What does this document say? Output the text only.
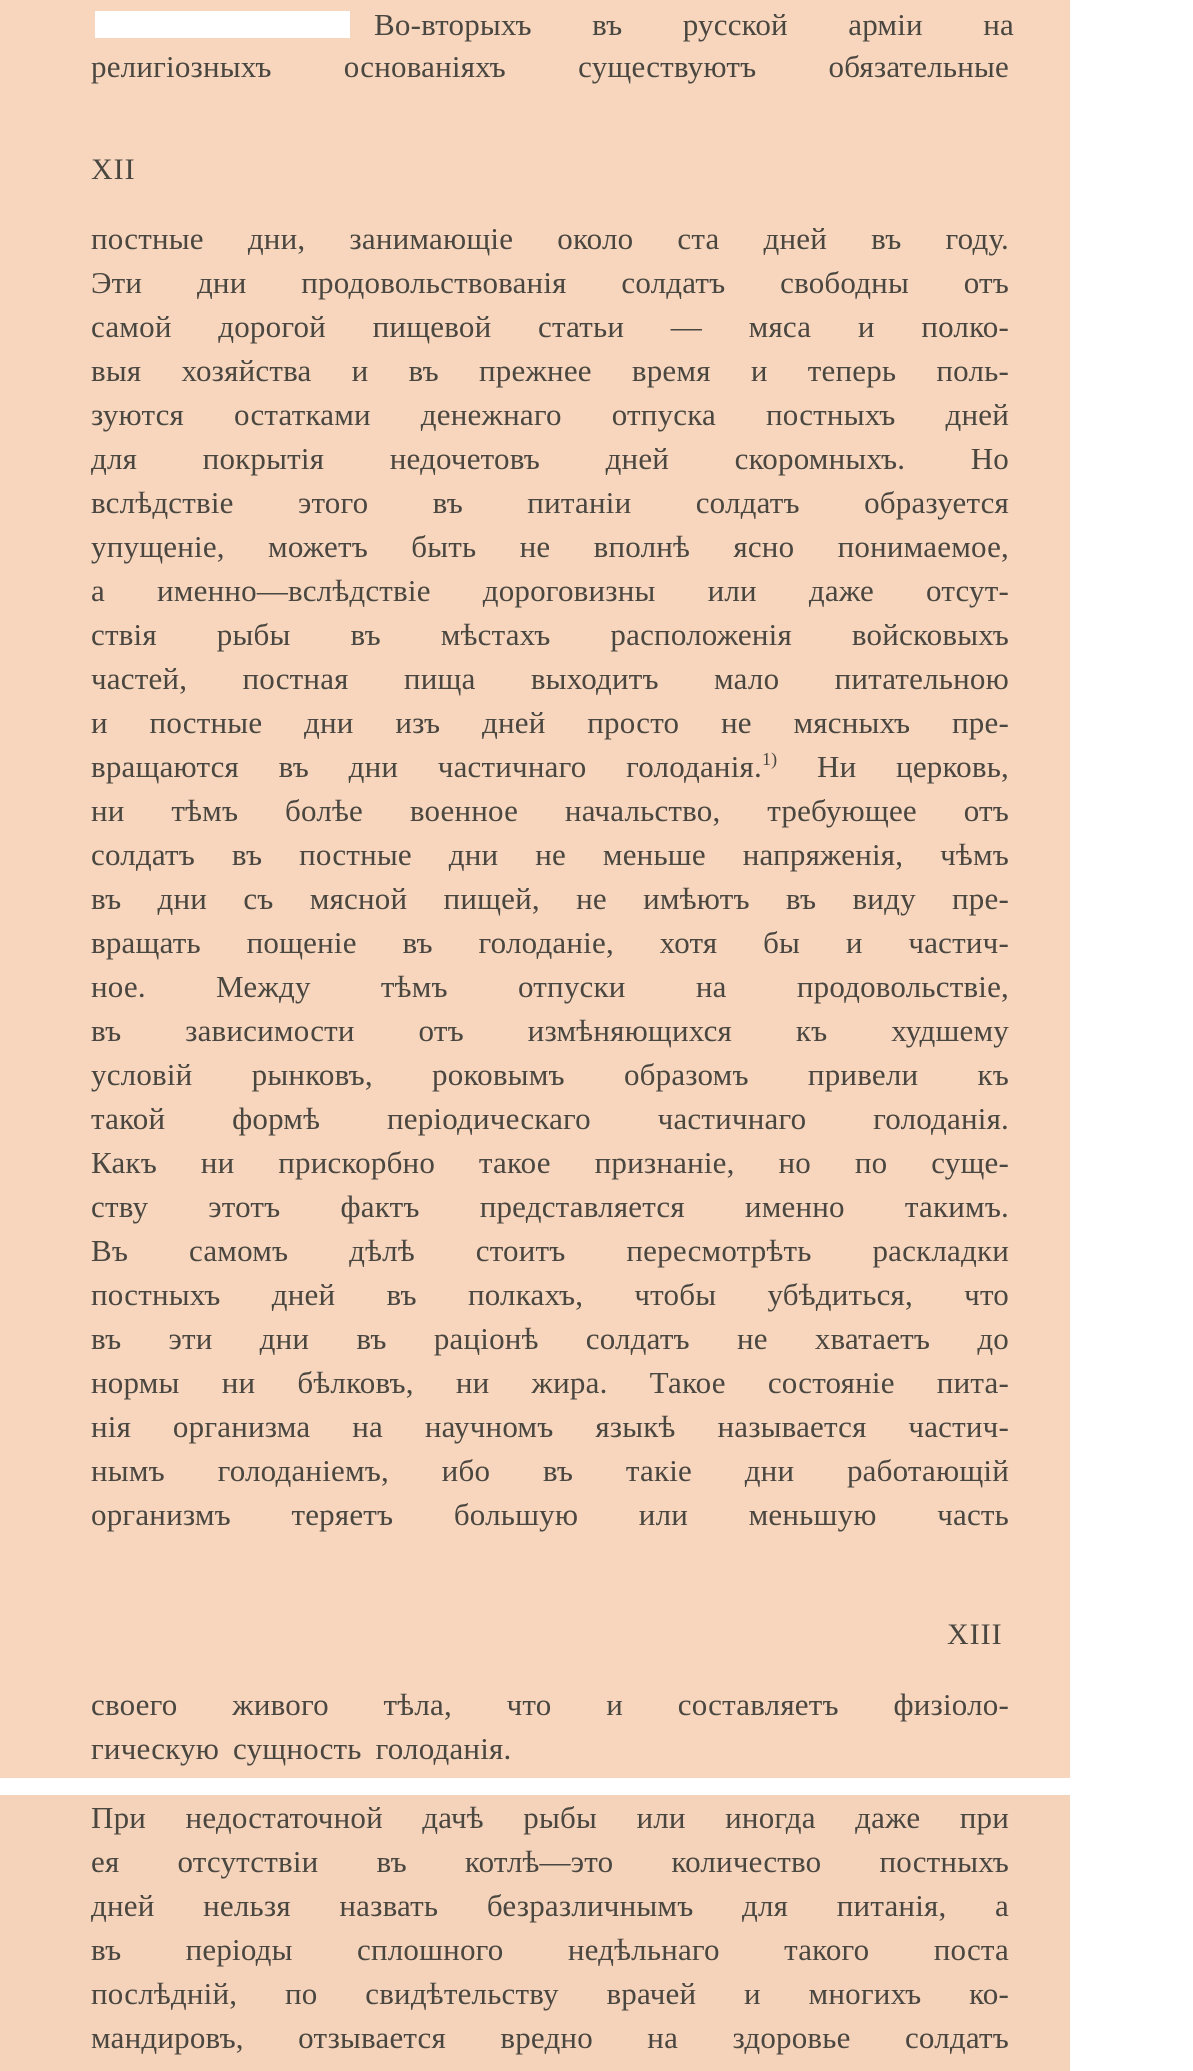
Во-вторыхъ въ русской арміи на
религіозныхъ основаніяхъ существуютъ обязательные
XII
постные дни, занимающіе около ста дней въ году.
Эти дни продовольствованія солдатъ свободны отъ
самой дорогой пищевой статьи — мяса и полко-
выя хозяйства и въ прежнее время и теперь поль-
зуются остатками денежнаго отпуска постныхъ дней
для покрытія недочетовъ дней скоромныхъ. Но
вслѣдствіе этого въ питаніи солдатъ образуется
упущеніе, можетъ быть не вполнѣ ясно понимаемое,
а именно—вслѣдствіе дороговизны или даже отсут-
ствія рыбы въ мѣстахъ расположенія войсковыхъ
частей, постная пища выходитъ мало питательною
и постные дни изъ дней просто не мясныхъ пре-
вращаются въ дни частичнаго голоданія.$^{1)}$ Ни церковь,
ни тѣмъ болѣе военное начальство, требующее отъ
солдатъ въ постные дни не меньше напряженія, чѣмъ
въ дни съ мясной пищей, не имѣютъ въ виду пре-
вращать пощеніе въ голоданіе, хотя бы и частич-
ное. Между тѣмъ отпуски на продовольствіе,
въ зависимости отъ измѣняющихся къ худшему
условій рынковъ, роковымъ образомъ привели къ
такой формѣ періодическаго частичнаго голоданія.
Какъ ни прискорбно такое признаніе, но по суще-
ству этотъ фактъ представляется именно такимъ.
Въ самомъ дѣлѣ стоитъ пересмотрѣть раскладки
постныхъ дней въ полкахъ, чтобы убѣдиться, что
въ эти дни въ раціонѣ солдатъ не хватаетъ до
нормы ни бѣлковъ, ни жира. Такое состояніе пита-
нія организма на научномъ языкѣ называется частич-
нымъ голоданіемъ, ибо въ такіе дни работающій
организмъ теряетъ большую или меньшую часть
XIII
своего живого тѣла, что и составляетъ физіоло-
гическую сущность голоданія.
При недостаточной дачѣ рыбы или иногда даже при
ея отсутствіи въ котлѣ—это количество постныхъ
дней нельзя назвать безразличнымъ для питанія, а
въ періоды сплошного недѣльнаго такого поста
послѣдній, по свидѣтельству врачей и многихъ ко-
мандировъ, отзывается вредно на здоровье солдатъ
